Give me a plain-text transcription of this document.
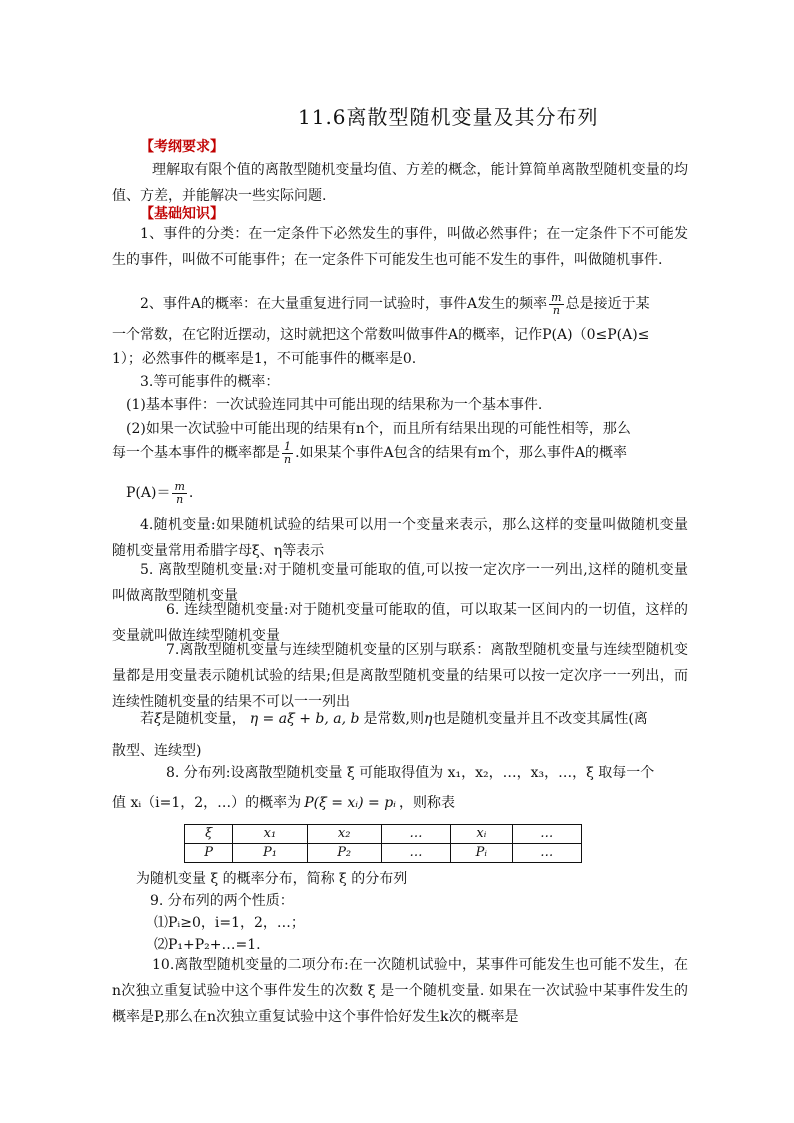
11.6离散型随机变量及其分布列
【考纲要求】
理解取有限个值的离散型随机变量均值、方差的概念，能计算简单离散型随机变量的均值、方差，并能解决一些实际问题.
【基础知识】
1、事件的分类：在一定条件下必然发生的事件，叫做必然事件；在一定条件下不可能发生的事件，叫做不可能事件；在一定条件下可能发生也可能不发生的事件，叫做随机事件.
2、事件A的概率：在大量重复进行同一试验时，事件A发生的频率 $\frac{m}{n}$ 总是接近于某
一个常数，在它附近摆动，这时就把这个常数叫做事件A的概率，记作P(A)（0≤P(A)≤
1）；必然事件的概率是1，不可能事件的概率是0.
3.等可能事件的概率：
(1)基本事件：一次试验连同其中可能出现的结果称为一个基本事件.
(2)如果一次试验中可能出现的结果有n个，而且所有结果出现的可能性相等，那么
每一个基本事件的概率都是 $\frac{1}{n}$ .如果某个事件A包含的结果有m个，那么事件A的概率
$P(A)= \frac{m}{n}$ .
4.随机变量:如果随机试验的结果可以用一个变量来表示，那么这样的变量叫做随机变量随机变量常用希腊字母ξ、η等表示
5. 离散型随机变量:对于随机变量可能取的值,可以按一定次序一一列出,这样的随机变量叫做离散型随机变量
6. 连续型随机变量:对于随机变量可能取的值，可以取某一区间内的一切值，这样的变量就叫做连续型随机变量
7.离散型随机变量与连续型随机变量的区别与联系：离散型随机变量与连续型随机变量都是用变量表示随机试验的结果;但是离散型随机变量的结果可以按一定次序一一列出，而连续性随机变量的结果不可以一一列出
若ξ是随机变量， η = aξ + b, a, b 是常数,则η也是随机变量并且不改变其属性(离
散型、连续型)
8. 分布列:设离散型随机变量 ξ 可能取得值为 x₁，x₂，…，x₃，…，ξ 取每一个
值 xᵢ（i=1，2，…）的概率为 P(ξ = xᵢ) = pᵢ ，则称表
ξ	x₁	x₂	…	xᵢ	…
P	P₁	P₂	…	Pᵢ	…
为随机变量 ξ 的概率分布，简称 ξ 的分布列
9. 分布列的两个性质：
⑴Pᵢ≥0，i=1，2，…；
⑵P₁+P₂+…=1.
10.离散型随机变量的二项分布:在一次随机试验中，某事件可能发生也可能不发生，在n次独立重复试验中这个事件发生的次数 ξ 是一个随机变量. 如果在一次试验中某事件发生的概率是P,那么在n次独立重复试验中这个事件恰好发生k次的概率是
